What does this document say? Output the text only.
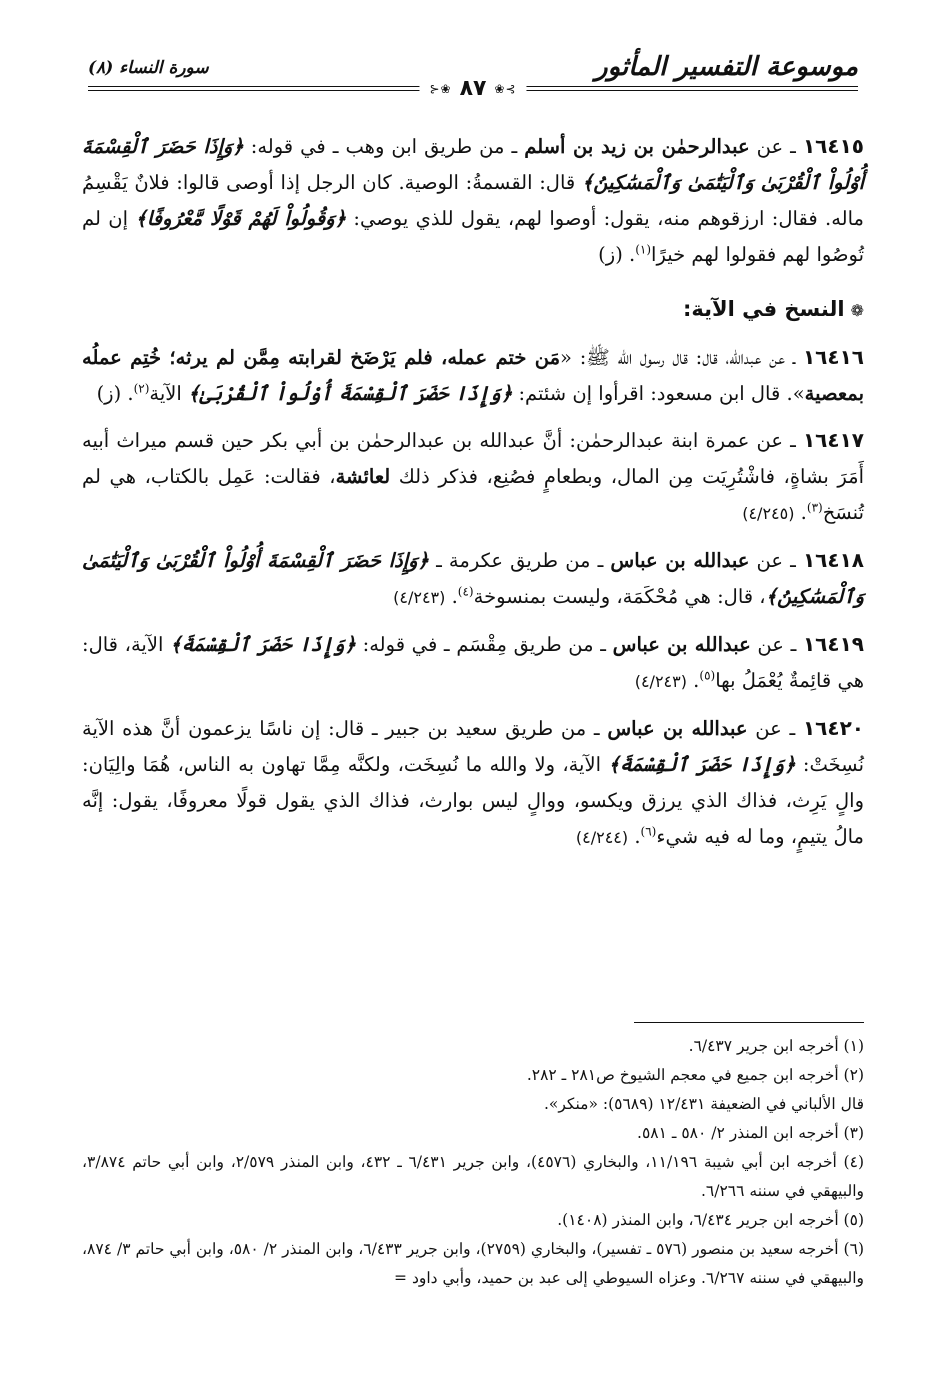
موسوعة التفسير المأثور
سورة النساء (٨)
⊱❀
٨٧
❀⊰

١٦٤١٥ ـ عن عبدالرحمٰن بن زيد بن أسلم ـ من طريق ابن وهب ـ في قوله: ﴿وَإِذَا حَضَرَ ٱلْقِسْمَةَ أُوْلُواْ ٱلْقُرْبَىٰ وَٱلْيَتَٰمَىٰ وَٱلْمَسَٰكِينُ﴾ قال: القسمةُ: الوصية. كان الرجل إذا أوصى قالوا: فلانٌ يَقْسِمُ ماله. فقال: ارزقوهم منه، يقول: أوصوا لهم، يقول للذي يوصي: ﴿وَقُولُواْ لَهُمْ قَوْلًا مَّعْرُوفًا﴾ إن لم تُوصُوا لهم فقولوا لهم خيرًا$^{(١)}$. (ز)

❁النسخ في الآية:

١٦٤١٦ ـ عن عبدالله، قال: قال رسول الله ﷺ: «مَن ختم عمله، فلم يَرْضَخ لقرابته مِمَّن لم يرثه؛ خُتِم عملُه بمعصية». قال ابن مسعود: اقرأوا إن شئتم: ﴿وَإِذَا حَضَرَ ٱلْقِسْمَةَ أُوْلُواْ ٱلْقُرْبَىٰ﴾ الآية$^{(٢)}$. (ز)

١٦٤١٧ ـ عن عمرة ابنة عبدالرحمٰن: أنَّ عبدالله بن عبدالرحمٰن بن أبي بكر حين قسم ميراث أبيه أَمَرَ بشاةٍ، فاشْتُرِيَت مِن المال، وبطعامٍ فصُنِع، فذكر ذلك لعائشة، فقالت: عَمِل بالكتاب، هي لم تُنسَخ$^{(٣)}$. (٤/٢٤٥)

١٦٤١٨ ـ عن عبدالله بن عباس ـ من طريق عكرمة ـ ﴿وَإِذَا حَضَرَ ٱلْقِسْمَةَ أُوْلُواْ ٱلْقُرْبَىٰ وَٱلْيَتَٰمَىٰ وَٱلْمَسَٰكِينُ﴾، قال: هي مُحْكَمَة، وليست بمنسوخة$^{(٤)}$. (٤/٢٤٣)

١٦٤١٩ ـ عن عبدالله بن عباس ـ من طريق مِقْسَم ـ في قوله: ﴿وَإِذَا حَضَرَ ٱلْقِسْمَةَ﴾ الآية، قال: هي قائِمةٌ يُعْمَلُ بها$^{(٥)}$. (٤/٢٤٣)

١٦٤٢٠ ـ عن عبدالله بن عباس ـ من طريق سعيد بن جبير ـ قال: إن ناسًا يزعمون أنَّ هذه الآية نُسِخَتْ: ﴿وَإِذَا حَضَرَ ٱلْقِسْمَةَ﴾ الآية، ولا والله ما نُسِخَت، ولكنَّه مِمَّا تهاون به الناس، هُمَا والِيَان: والٍ يَرِث، فذاك الذي يرزق ويكسو، ووالٍ ليس بوارث، فذاك الذي يقول قولًا معروفًا، يقول: إنَّه مالُ يتيمٍ، وما له فيه شيء$^{(٦)}$. (٤/٢٤٤)

(١) أخرجه ابن جرير ٦/٤٣٧.

(٢) أخرجه ابن جميع في معجم الشيوخ ص٢٨١ ـ ٢٨٢.

قال الألباني في الضعيفة ١٢/٤٣١ (٥٦٨٩): «منكر».

(٣) أخرجه ابن المنذر ٢/ ٥٨٠ ـ ٥٨١.

(٤) أخرجه ابن أبي شيبة ١١/١٩٦، والبخاري (٤٥٧٦)، وابن جرير ٦/٤٣١ ـ ٤٣٢، وابن المنذر ٢/٥٧٩، وابن أبي حاتم ٣/٨٧٤، والبيهقي في سننه ٦/٢٦٦.

(٥) أخرجه ابن جرير ٦/٤٣٤، وابن المنذر (١٤٠٨).

(٦) أخرجه سعيد بن منصور (٥٧٦ ـ تفسير)، والبخاري (٢٧٥٩)، وابن جرير ٦/٤٣٣، وابن المنذر ٢/ ٥٨٠، وابن أبي حاتم ٣/ ٨٧٤، والبيهقي في سننه ٦/٢٦٧. وعزاه السيوطي إلى عبد بن حميد، وأبي داود =
